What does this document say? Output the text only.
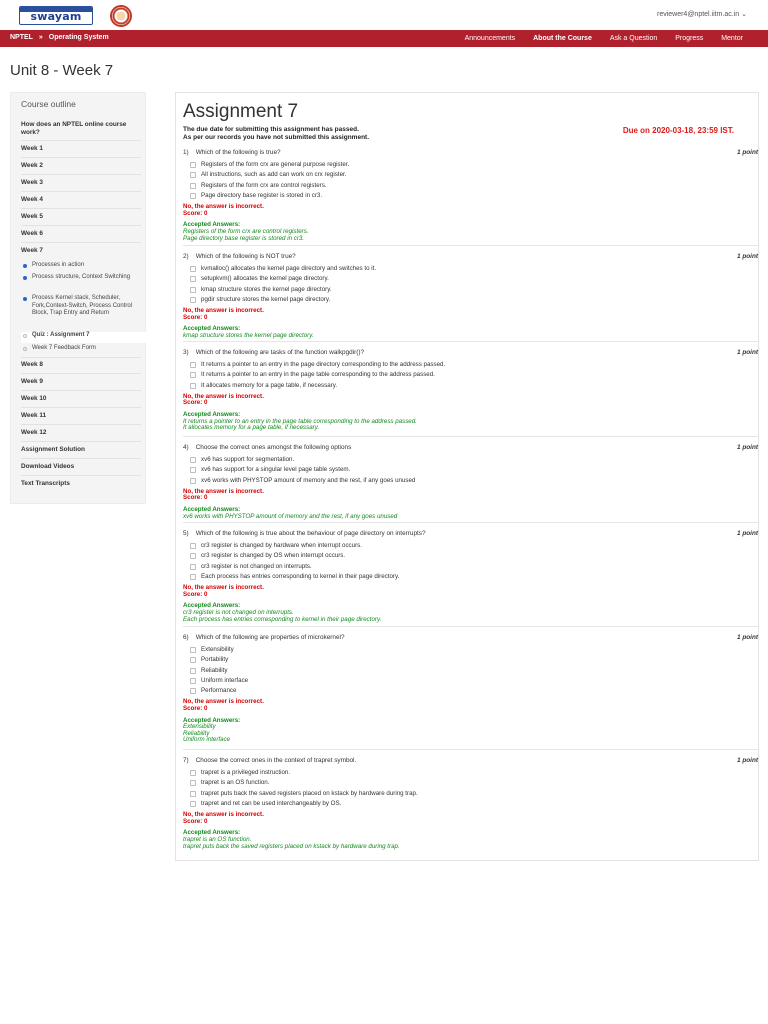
swayam	reviewer4@nptel.iitm.ac.in ⌄
NPTEL » Operating System	Announcements	About the Course	Ask a Question	Progress	Mentor
Unit 8 - Week 7
Course outline
How does an NPTEL online course work?
Week 1
Week 2
Week 3
Week 4
Week 5
Week 6
Week 7
Processes in action
Process structure, Context Switching
Process Kernel stack, Scheduler, Fork,Context-Switch, Process Control Block, Trap Entry and Return
Quiz : Assignment 7
Week 7 Feedback Form
Week 8
Week 9
Week 10
Week 11
Week 12
Assignment Solution
Download Videos
Text Transcripts
Assignment 7
The due date for submitting this assignment has passed.
As per our records you have not submitted this assignment.
Due on 2020-03-18, 23:59 IST.
1) Which of the following is true?	1 point
Registers of the form crx are general purpose register.
All instructions, such as add can work on crx register.
Registers of the form crx are control registers.
Page directory base register is stored in cr3.
No, the answer is incorrect.
Score: 0
Accepted Answers:
Registers of the form crx are control registers.
Page directory base register is stored in cr3.
2) Which of the following is NOT true?	1 point
kvmalloc() allocates the kernel page directory and switches to it.
setupkvm() allocates the kernel page directory.
kmap structure stores the kernel page directory.
pgdir structure stores the kernel page directory.
No, the answer is incorrect.
Score: 0
Accepted Answers:
kmap structure stores the kernel page directory.
3) Which of the following are tasks of the function walkpgdir()?	1 point
It returns a pointer to an entry in the page directory corresponding to the address passed.
It returns a pointer to an entry in the page table corresponding to the address passed.
It allocates memory for a page table, if necessary.
No, the answer is incorrect.
Score: 0
Accepted Answers:
It returns a pointer to an entry in the page table corresponding to the address passed.
It allocates memory for a page table, if necessary.
4) Choose the correct ones amongst the following options	1 point
xv6 has support for segmentation.
xv6 has support for a singular level page table system.
xv6 works with PHYSTOP amount of memory and the rest, if any goes unused
No, the answer is incorrect.
Score: 0
Accepted Answers:
xv6 works with PHYSTOP amount of memory and the rest, if any goes unused
5) Which of the following is true about the behaviour of page directory on interrupts?	1 point
cr3 register is changed by hardware when interrupt occurs.
cr3 register is changed by OS when interrupt occurs.
cr3 register is not changed on interrupts.
Each process has entries corresponding to kernel in their page directory.
No, the answer is incorrect.
Score: 0
Accepted Answers:
cr3 register is not changed on interrupts.
Each process has entries corresponding to kernel in their page directory.
6) Which of the following are properties of microkernel?	1 point
Extensibility
Portability
Reliability
Uniform interface
Performance
No, the answer is incorrect.
Score: 0
Accepted Answers:
Extensibility
Reliability
Uniform interface
7) Choose the correct ones in the context of trapret symbol.	1 point
trapret is a privileged instruction.
trapret is an OS function.
trapret puts back the saved registers placed on kstack by hardware during trap.
trapret and ret can be used interchangeably by OS.
No, the answer is incorrect.
Score: 0
Accepted Answers:
trapret is an OS function.
trapret puts back the saved registers placed on kstack by hardware during trap.
